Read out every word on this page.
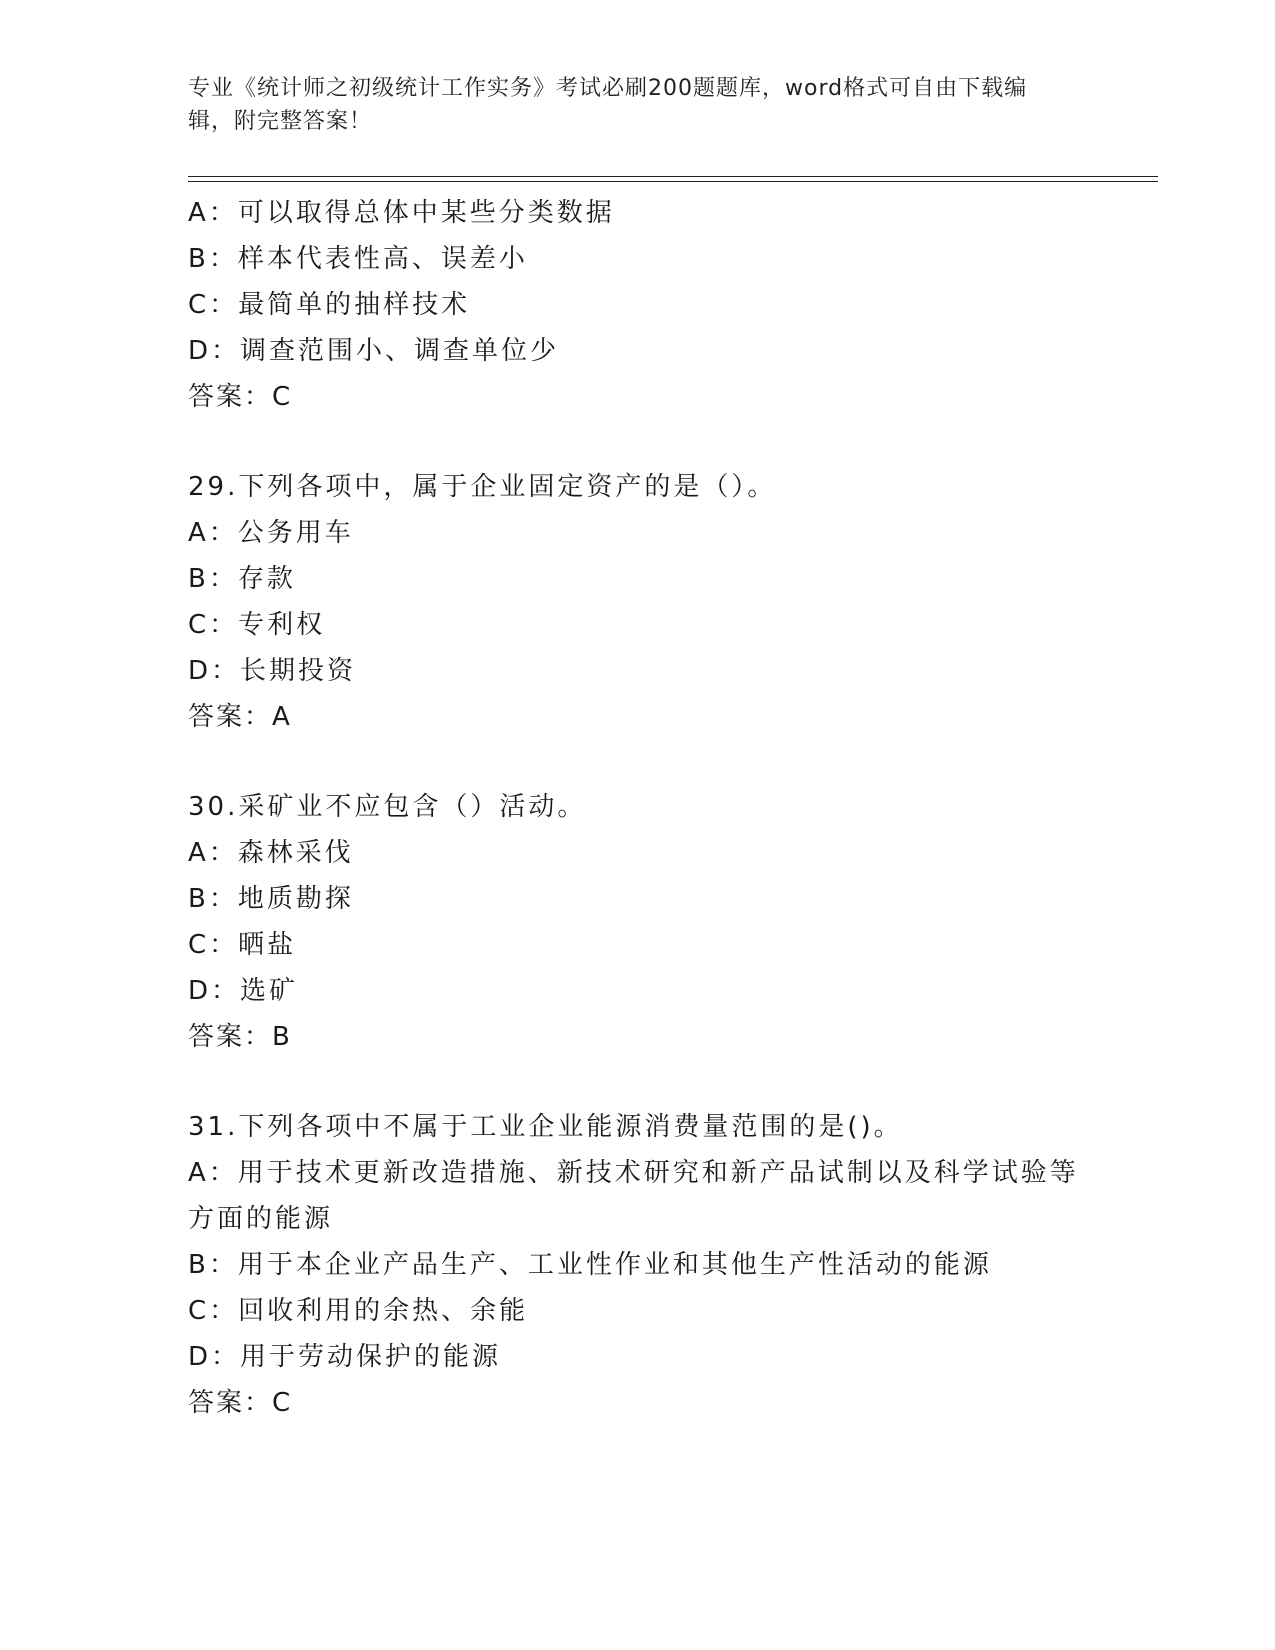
专业《统计师之初级统计工作实务》考试必刷200题题库，word格式可自由下载编辑，附完整答案！

A：可以取得总体中某些分类数据

B：样本代表性高、误差小

C：最简单的抽样技术

D：调查范围小、调查单位少

答案：C

29.下列各项中，属于企业固定资产的是（）。

A：公务用车

B：存款

C：专利权

D：长期投资

答案：A

30.采矿业不应包含（）活动。

A：森林采伐

B：地质勘探

C：晒盐

D：选矿

答案：B

31.下列各项中不属于工业企业能源消费量范围的是()。

A：用于技术更新改造措施、新技术研究和新产品试制以及科学试验等方面的能源

B：用于本企业产品生产、工业性作业和其他生产性活动的能源

C：回收利用的余热、余能

D：用于劳动保护的能源

答案：C
